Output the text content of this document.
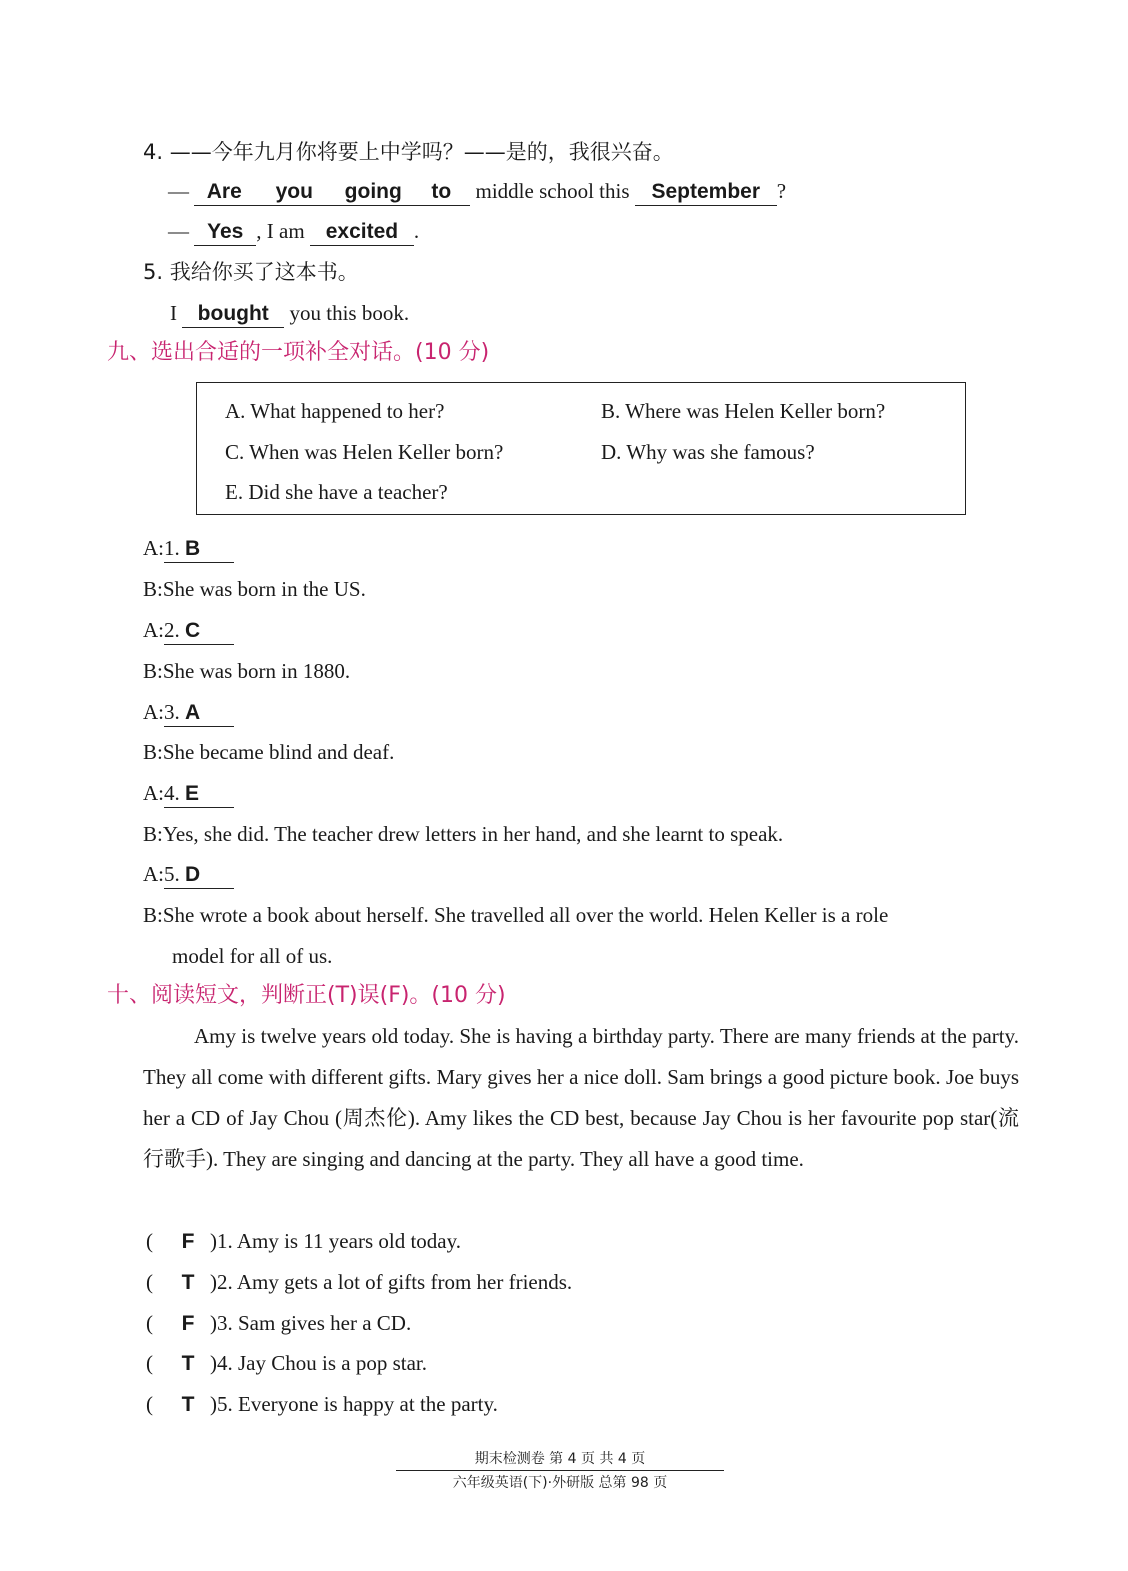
4. ——今年九月你将要上中学吗？——是的，我很兴奋。
— Are you going to middle school this September ?
— Yes , I am excited .
5. 我给你买了这本书。
I bought you this book.
九、选出合适的一项补全对话。(10 分)
A. What happened to her?	B. Where was Helen Keller born?
C. When was Helen Keller born?	D. Why was she famous?
E. Did she have a teacher?
A:1. B
B:She was born in the US.
A:2. C
B:She was born in 1880.
A:3. A
B:She became blind and deaf.
A:4. E
B:Yes, she did. The teacher drew letters in her hand, and she learnt to speak.
A:5. D
B:She wrote a book about herself. She travelled all over the world. Helen Keller is a role
model for all of us.
十、阅读短文，判断正(T)误(F)。(10 分)
Amy is twelve years old today. She is having a birthday party. There are many friends at the party. They all come with different gifts. Mary gives her a nice doll. Sam brings a good picture book. Joe buys her a CD of Jay Chou (周杰伦). Amy likes the CD best, because Jay Chou is her favourite pop star(流行歌手). They are singing and dancing at the party. They all have a good time.
( F )1. Amy is 11 years old today.
( T )2. Amy gets a lot of gifts from her friends.
( F )3. Sam gives her a CD.
( T )4. Jay Chou is a pop star.
( T )5. Everyone is happy at the party.
期末检测卷 第 4 页 共 4 页
六年级英语(下)·外研版 总第 98 页
